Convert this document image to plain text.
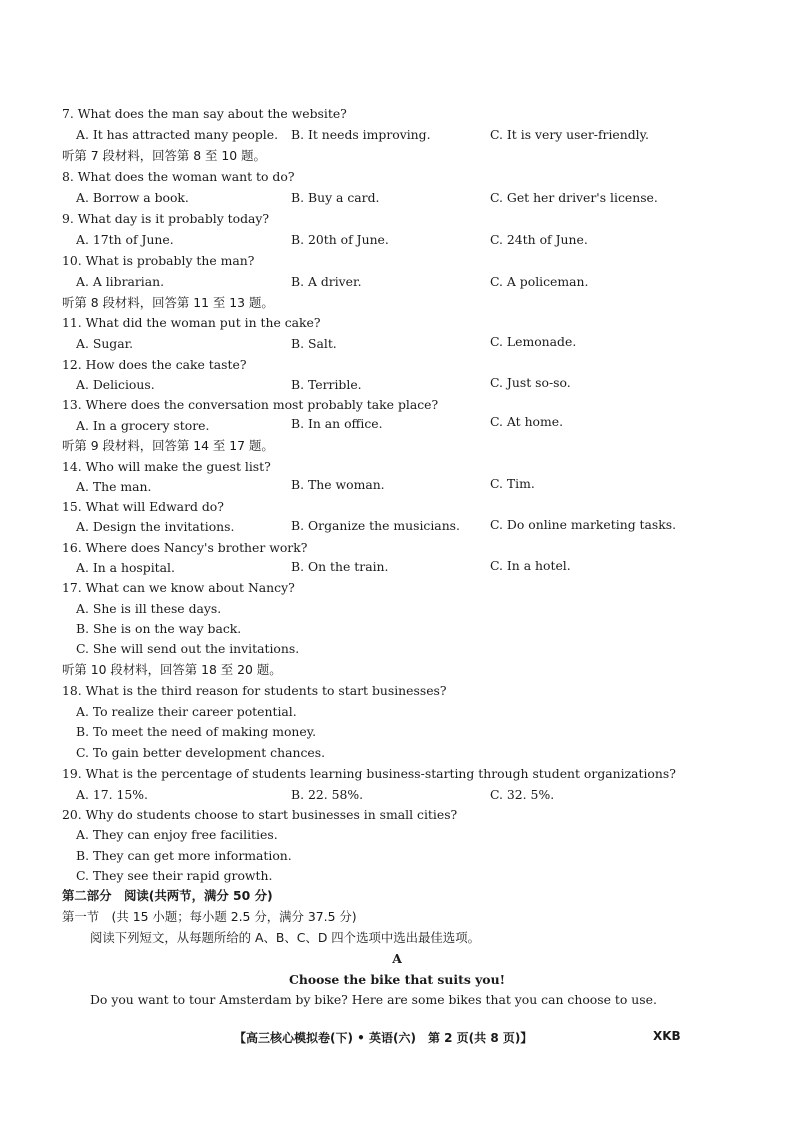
7. What does the man say about the website?
A. It has attracted many people. B. It needs improving.	C. It is very user-friendly.
听第 7 段材料，回答第 8 至 10 题。
8. What does the woman want to do?
A. Borrow a book.	B. Buy a card.	C. Get her driver's license.
9. What day is it probably today?
A. 17th of June.	B. 20th of June.	C. 24th of June.
10. What is probably the man?
A. A librarian.	B. A driver.	C. A policeman.
听第 8 段材料，回答第 11 至 13 题。
11. What did the woman put in the cake?
A. Sugar.	B. Salt.	C. Lemonade.
12. How does the cake taste?
A. Delicious.	B. Terrible.	C. Just so-so.
13. Where does the conversation most probably take place?
A. In a grocery store.	B. In an office.	C. At home.
听第 9 段材料，回答第 14 至 17 题。
14. Who will make the guest list?
A. The man.	B. The woman.	C. Tim.
15. What will Edward do?
A. Design the invitations.	B. Organize the musicians. C. Do online marketing tasks.
16. Where does Nancy's brother work?
A. In a hospital.	B. On the train.	C. In a hotel.
17. What can we know about Nancy?
A. She is ill these days.
B. She is on the way back.
C. She will send out the invitations.
听第 10 段材料，回答第 18 至 20 题。
18. What is the third reason for students to start businesses?
A. To realize their career potential.
B. To meet the need of making money.
C. To gain better development chances.
19. What is the percentage of students learning business-starting through student organizations?
A. 17. 15%.	B. 22. 58%.	C. 32. 5%.
20. Why do students choose to start businesses in small cities?
A. They can enjoy free facilities.
B. They can get more information.
C. They see their rapid growth.
第二部分　阅读(共两节，满分 50 分)
第一节　(共 15 小题；每小题 2.5 分，满分 37.5 分)
阅读下列短文，从每题所给的 A、B、C、D 四个选项中选出最佳选项。
A
Choose the bike that suits you!
Do you want to tour Amsterdam by bike? Here are some bikes that you can choose to use.
【高三核心模拟卷(下) • 英语(六)　第 2 页(共 8 页)】	XKB
